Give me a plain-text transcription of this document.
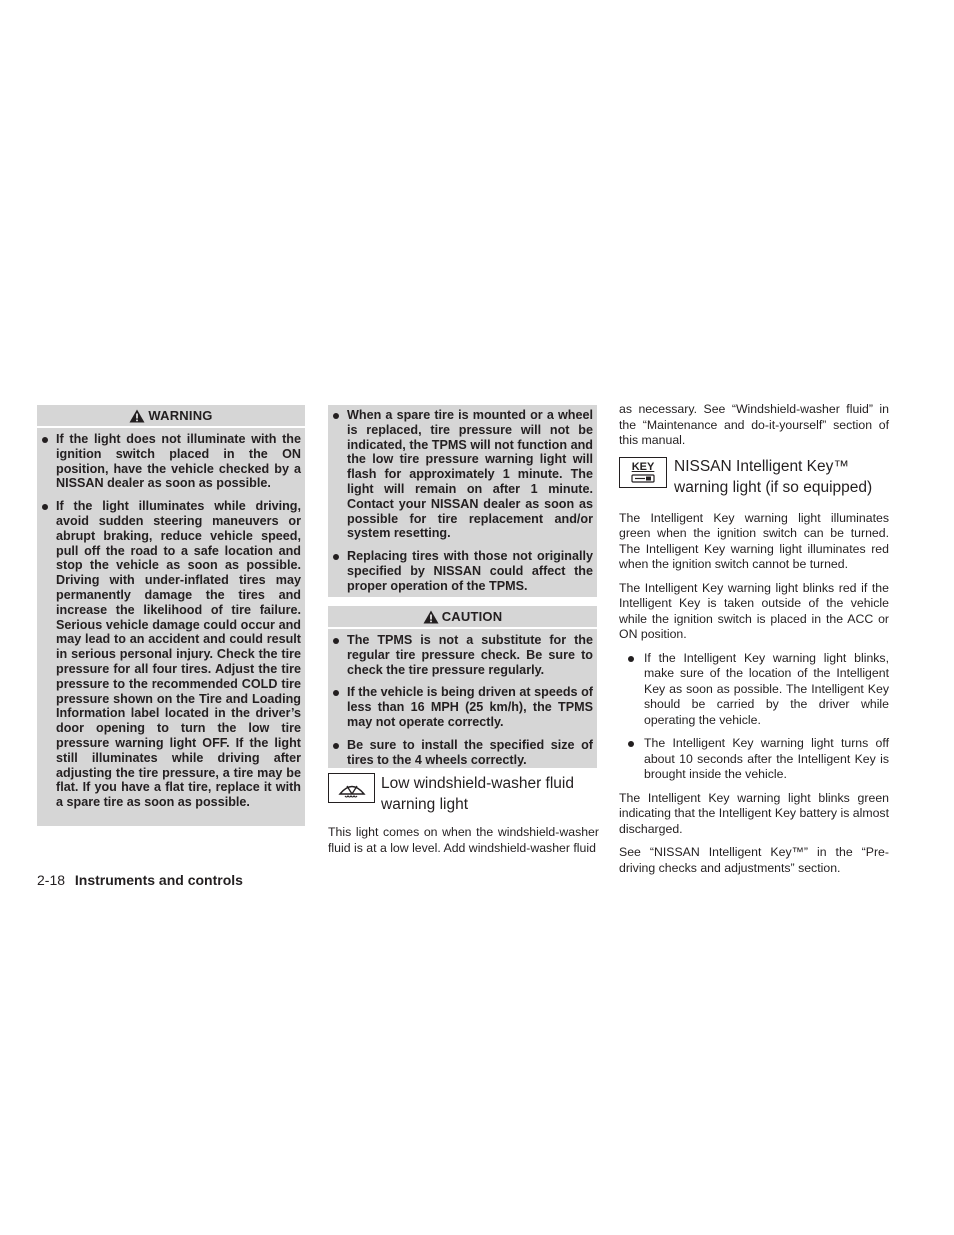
WARNING
If the light does not illuminate with the ignition switch placed in the ON position, have the vehicle checked by a NISSAN dealer as soon as possible.
If the light illuminates while driving, avoid sudden steering maneuvers or abrupt braking, reduce vehicle speed, pull off the road to a safe location and stop the vehicle as soon as possible. Driving with under-inflated tires may permanently damage the tires and increase the likelihood of tire failure. Serious vehicle damage could occur and may lead to an accident and could result in serious personal injury. Check the tire pressure for all four tires. Adjust the tire pressure to the recommended COLD tire pressure shown on the Tire and Loading Information label located in the driver’s door opening to turn the low tire pressure warning light OFF. If the light still illuminates while driving after adjusting the tire pressure, a tire may be flat. If you have a flat tire, replace it with a spare tire as soon as possible.
When a spare tire is mounted or a wheel is replaced, tire pressure will not be indicated, the TPMS will not function and the low tire pressure warning light will flash for approximately 1 minute. The light will remain on after 1 minute. Contact your NISSAN dealer as soon as possible for tire replacement and/or system resetting.
Replacing tires with those not originally specified by NISSAN could affect the proper operation of the TPMS.
CAUTION
The TPMS is not a substitute for the regular tire pressure check. Be sure to check the tire pressure regularly.
If the vehicle is being driven at speeds of less than 16 MPH (25 km/h), the TPMS may not operate correctly.
Be sure to install the specified size of tires to the 4 wheels correctly.
Low windshield-washer fluid
warning light

This light comes on when the windshield-washer fluid is at a low level. Add windshield-washer fluid

as necessary. See “Windshield-washer fluid” in the “Maintenance and do-it-yourself” section of this manual.

KEY NISSAN Intelligent Key™
warning light (if so equipped)

The Intelligent Key warning light illuminates green when the ignition switch can be turned. The Intelligent Key warning light illuminates red when the ignition switch cannot be turned.

The Intelligent Key warning light blinks red if the Intelligent Key is taken outside of the vehicle while the ignition switch is placed in the ACC or ON position.

If the Intelligent Key warning light blinks, make sure of the location of the Intelligent Key as soon as possible. The Intelligent Key should be carried by the driver while operating the vehicle.

The Intelligent Key warning light turns off about 10 seconds after the Intelligent Key is brought inside the vehicle.

The Intelligent Key warning light blinks green indicating that the Intelligent Key battery is almost discharged.

See “NISSAN Intelligent Key™” in the “Pre-driving checks and adjustments” section.

2-18 Instruments and controls
